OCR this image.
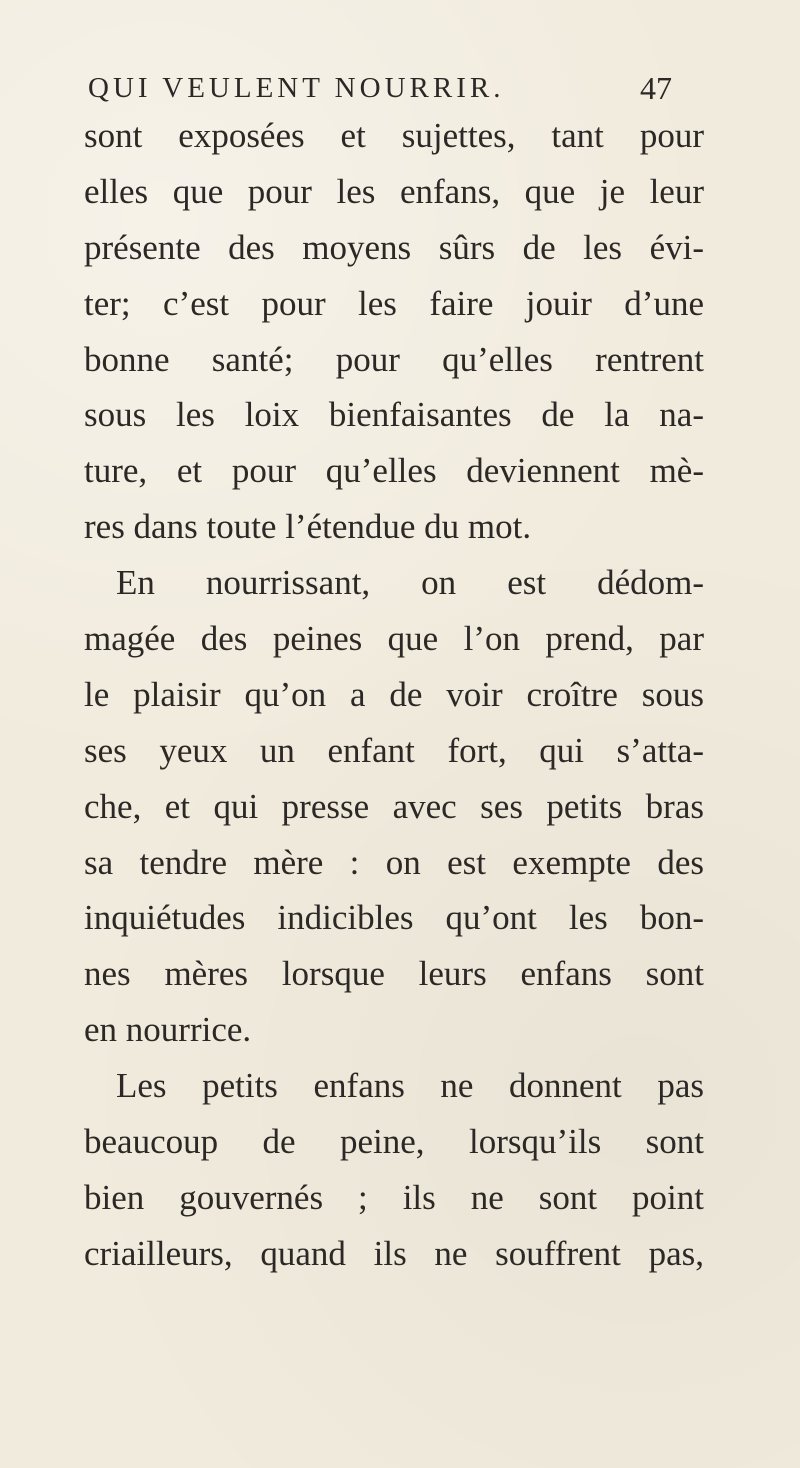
QUI VEULENT NOURRIR.	47
sont exposées et sujettes, tant pour
elles que pour les enfans, que je leur
présente des moyens sûrs de les évi-
ter; c’est pour les faire jouir d’une
bonne santé; pour qu’elles rentrent
sous les loix bienfaisantes de la na-
ture, et pour qu’elles deviennent mè-
res dans toute l’étendue du mot.
En nourrissant, on est dédom-
magée des peines que l’on prend, par
le plaisir qu’on a de voir croître sous
ses yeux un enfant fort, qui s’atta-
che, et qui presse avec ses petits bras
sa tendre mère : on est exempte des
inquiétudes indicibles qu’ont les bon-
nes mères lorsque leurs enfans sont
en nourrice.
Les petits enfans ne donnent pas
beaucoup de peine, lorsqu’ils sont
bien gouvernés ; ils ne sont point
criailleurs, quand ils ne souffrent pas,
